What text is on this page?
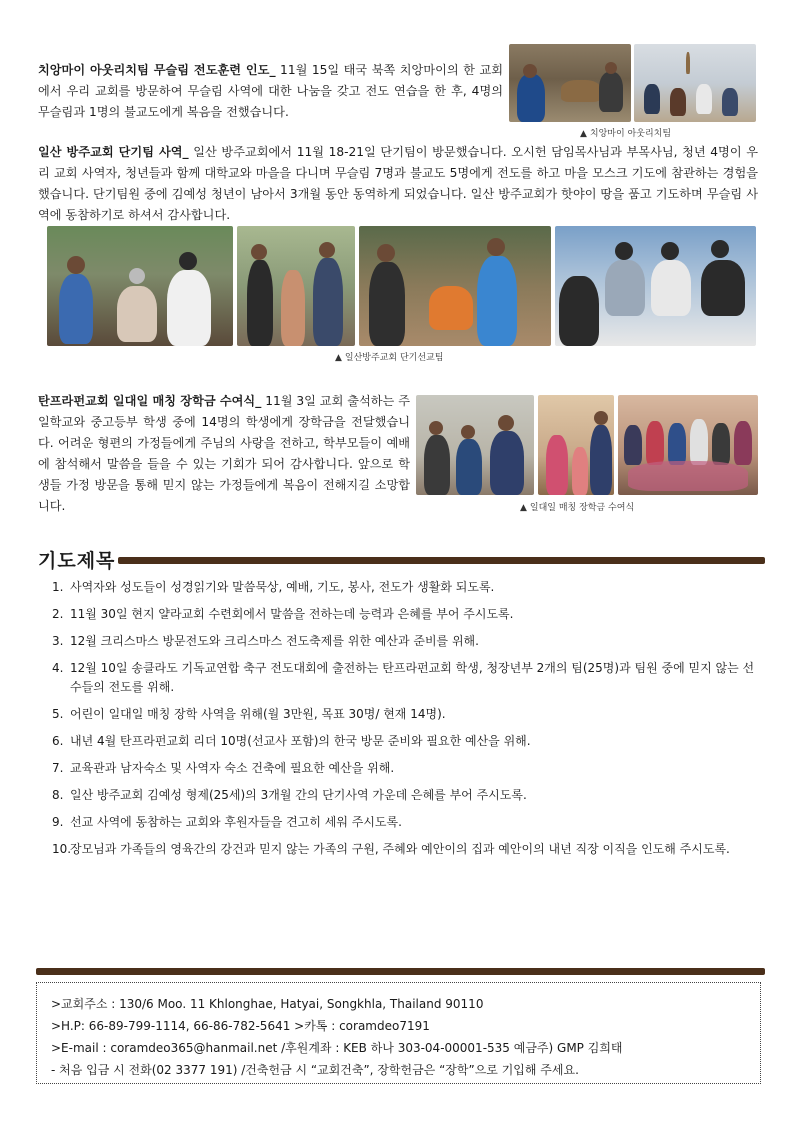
치앙마이 아웃리치팀 무슬림 전도훈련 인도_ 11월 15일 태국 북쪽 치앙마이의 한 교회에서 우리 교회를 방문하여 무슬림 사역에 대한 나눔을 갖고 전도 연습을 한 후, 4명의 무슬림과 1명의 불교도에게 복음을 전했습니다.

▲ 치앙마이 아웃리치팀

일산 방주교회 단기팀 사역_ 일산 방주교회에서 11월 18-21일 단기팀이 방문했습니다. 오시헌 담임목사님과 부목사님, 청년 4명이 우리 교회 사역자, 청년들과 함께 대학교와 마을을 다니며 무슬림 7명과 불교도 5명에게 전도를 하고 마을 모스크 기도에 참관하는 경험을 했습니다. 단기팀원 중에 김예성 청년이 남아서 3개월 동안 동역하게 되었습니다. 일산 방주교회가 핫야이 땅을 품고 기도하며 무슬림 사역에 동참하기로 하셔서 감사합니다.

▲ 일산방주교회 단기선교팀

탄프라펀교회 일대일 매칭 장학금 수여식_ 11월 3일 교회 출석하는 주일학교와 중고등부 학생 중에 14명의 학생에게 장학금을 전달했습니다. 어려운 형편의 가정들에게 주님의 사랑을 전하고, 학부모들이 예배에 참석해서 말씀을 들을 수 있는 기회가 되어 감사합니다. 앞으로 학생들 가정 방문을 통해 믿지 않는 가정들에게 복음이 전해지길 소망합니다.	▲ 일대일 매칭 장학금 수여식
기도제목
1. 사역자와 성도들이 성경읽기와 말씀묵상, 예배, 기도, 봉사, 전도가 생활화 되도록.
2. 11월 30일 현지 얄라교회 수련회에서 말씀을 전하는데 능력과 은혜를 부어 주시도록.
3. 12월 크리스마스 방문전도와 크리스마스 전도축제를 위한 예산과 준비를 위해.
4. 12월 10일 송클라도 기독교연합 축구 전도대회에 출전하는 탄프라펀교회 학생, 청장년부 2개의 팀(25명)과 팀원 중에 믿지 않는 선수들의 전도를 위해.
5. 어린이 일대일 매칭 장학 사역을 위해(월 3만원, 목표 30명/ 현재 14명).
6. 내년 4월 탄프라펀교회 리더 10명(선교사 포함)의 한국 방문 준비와 필요한 예산을 위해.
7. 교육관과 남자숙소 및 사역자 숙소 건축에 필요한 예산을 위해.
8. 일산 방주교회 김예성 형제(25세)의 3개월 간의 단기사역 가운데 은혜를 부어 주시도록.
9. 선교 사역에 동참하는 교회와 후원자들을 견고히 세워 주시도록.
10.
장모님과 가족들의 영육간의 강건과 믿지 않는 가족의 구원, 주혜와 예안이의 집과 예안이의 내년 직장 이직을 인도해 주시도록.
>교회주소 : 130/6 Moo. 11 Khlonghae, Hatyai, Songkhla, Thailand 90110
>H.P: 66-89-799-1114, 66-86-782-5641 >카톡 : coramdeo7191
>E-mail : coramdeo365@hanmail.net /후원계좌 : KEB 하나 303-04-00001-535 예금주) GMP 김희태
- 처음 입금 시 전화(02 3377 191) /건축헌금 시 “교회건축”, 장학헌금은 “장학”으로 기입해 주세요.
